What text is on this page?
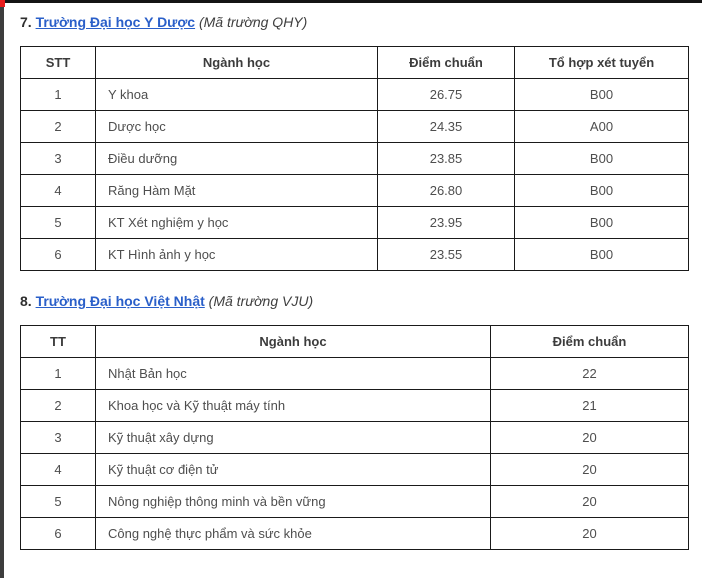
7. Trường Đại học Y Dược (Mã trường QHY)
STT	Ngành học	Điểm chuẩn	Tổ hợp xét tuyển
1	Y khoa	26.75	B00
2	Dược học	24.35	A00
3	Điều dưỡng	23.85	B00
4	Răng Hàm Mặt	26.80	B00
5	KT Xét nghiệm y học	23.95	B00
6	KT Hình ảnh y học	23.55	B00
8. Trường Đại học Việt Nhật (Mã trường VJU)
TT	Ngành học	Điểm chuẩn
1	Nhật Bản học	22
2	Khoa học và Kỹ thuật máy tính	21
3	Kỹ thuật xây dựng	20
4	Kỹ thuật cơ điện tử	20
5	Nông nghiệp thông minh và bền vững	20
6	Công nghệ thực phẩm và sức khỏe	20
